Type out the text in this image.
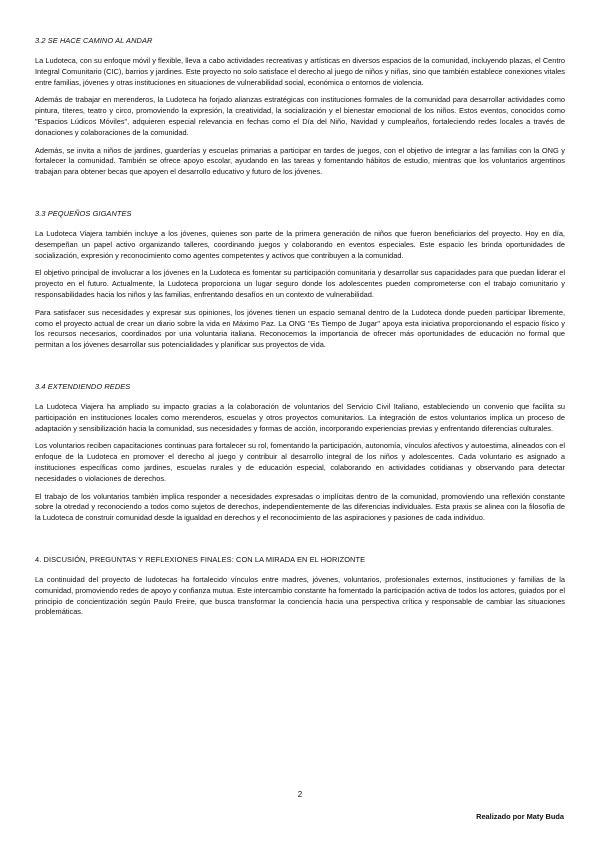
3.2 SE HACE CAMINO AL ANDAR

La Ludoteca, con su enfoque móvil y flexible, lleva a cabo actividades recreativas y artísticas en diversos espacios de la comunidad, incluyendo plazas, el Centro Integral Comunitario (CIC), barrios y jardines. Este proyecto no solo satisface el derecho al juego de niños y niñas, sino que también establece conexiones vitales entre familias, jóvenes y otras instituciones en situaciones de vulnerabilidad social, económica o entornos de violencia.

Además de trabajar en merenderos, la Ludoteca ha forjado alianzas estratégicas con instituciones formales de la comunidad para desarrollar actividades como pintura, títeres, teatro y circo, promoviendo la expresión, la creatividad, la socialización y el bienestar emocional de los niños. Estos eventos, conocidos como "Espacios Lúdicos Móviles", adquieren especial relevancia en fechas como el Día del Niño, Navidad y cumpleaños, fortaleciendo redes locales a través de donaciones y colaboraciones de la comunidad.

Además, se invita a niños de jardines, guarderías y escuelas primarias a participar en tardes de juegos, con el objetivo de integrar a las familias con la ONG y fortalecer la comunidad. También se ofrece apoyo escolar, ayudando en las tareas y fomentando hábitos de estudio, mientras que los voluntarios argentinos trabajan para obtener becas que apoyen el desarrollo educativo y futuro de los jóvenes.

3.3 PEQUEÑOS GIGANTES

La Ludoteca Viajera también incluye a los jóvenes, quienes son parte de la primera generación de niños que fueron beneficiarios del proyecto. Hoy en día, desempeñan un papel activo organizando talleres, coordinando juegos y colaborando en eventos especiales. Este espacio les brinda oportunidades de socialización, expresión y reconocimiento como agentes competentes y activos que contribuyen a la comunidad.

El objetivo principal de involucrar a los jóvenes en la Ludoteca es fomentar su participación comunitaria y desarrollar sus capacidades para que puedan liderar el proyecto en el futuro. Actualmente, la Ludoteca proporciona un lugar seguro donde los adolescentes pueden comprometerse con el trabajo comunitario y responsabilidades hacia los niños y las familias, enfrentando desafíos en un contexto de vulnerabilidad.

Para satisfacer sus necesidades y expresar sus opiniones, los jóvenes tienen un espacio semanal dentro de la Ludoteca donde pueden participar libremente, como el proyecto actual de crear un diario sobre la vida en Máximo Paz. La ONG "Es Tiempo de Jugar" apoya esta iniciativa proporcionando el espacio físico y los recursos necesarios, coordinados por una voluntaria italiana. Reconocemos la importancia de ofrecer más oportunidades de educación no formal que permitan a los jóvenes desarrollar sus potencialidades y planificar sus proyectos de vida.

3.4 EXTENDIENDO REDES

La Ludoteca Viajera ha ampliado su impacto gracias a la colaboración de voluntarios del Servicio Civil Italiano, estableciendo un convenio que facilita su participación en instituciones locales como merenderos, escuelas y otros proyectos comunitarios. La integración de estos voluntarios implica un proceso de adaptación y sensibilización hacia la comunidad, sus necesidades y formas de acción, incorporando experiencias previas y enfrentando diferencias culturales.

Los voluntarios reciben capacitaciones continuas para fortalecer su rol, fomentando la participación, autonomía, vínculos afectivos y autoestima, alineados con el enfoque de la Ludoteca en promover el derecho al juego y contribuir al desarrollo integral de los niños y adolescentes. Cada voluntario es asignado a instituciones específicas como jardines, escuelas rurales y de educación especial, colaborando en actividades cotidianas y observando para detectar necesidades o violaciones de derechos.

El trabajo de los voluntarios también implica responder a necesidades expresadas o implícitas dentro de la comunidad, promoviendo una reflexión constante sobre la otredad y reconociendo a todos como sujetos de derechos, independientemente de las diferencias individuales. Esta praxis se alinea con la filosofía de la Ludoteca de construir comunidad desde la igualdad en derechos y el reconocimiento de las aspiraciones y pasiones de cada individuo.

4. DISCUSIÓN, PREGUNTAS Y REFLEXIONES FINALES: CON LA MIRADA EN EL HORIZONTE

La continuidad del proyecto de ludotecas ha fortalecido vínculos entre madres, jóvenes, voluntarios, profesionales externos, instituciones y familias de la comunidad, promoviendo redes de apoyo y confianza mutua. Este intercambio constante ha fomentado la participación activa de todos los actores, guiados por el principio de concientización según Paulo Freire, que busca transformar la conciencia hacia una perspectiva crítica y responsable de cambiar las situaciones problemáticas.

2
Realizado por Maty Buda
